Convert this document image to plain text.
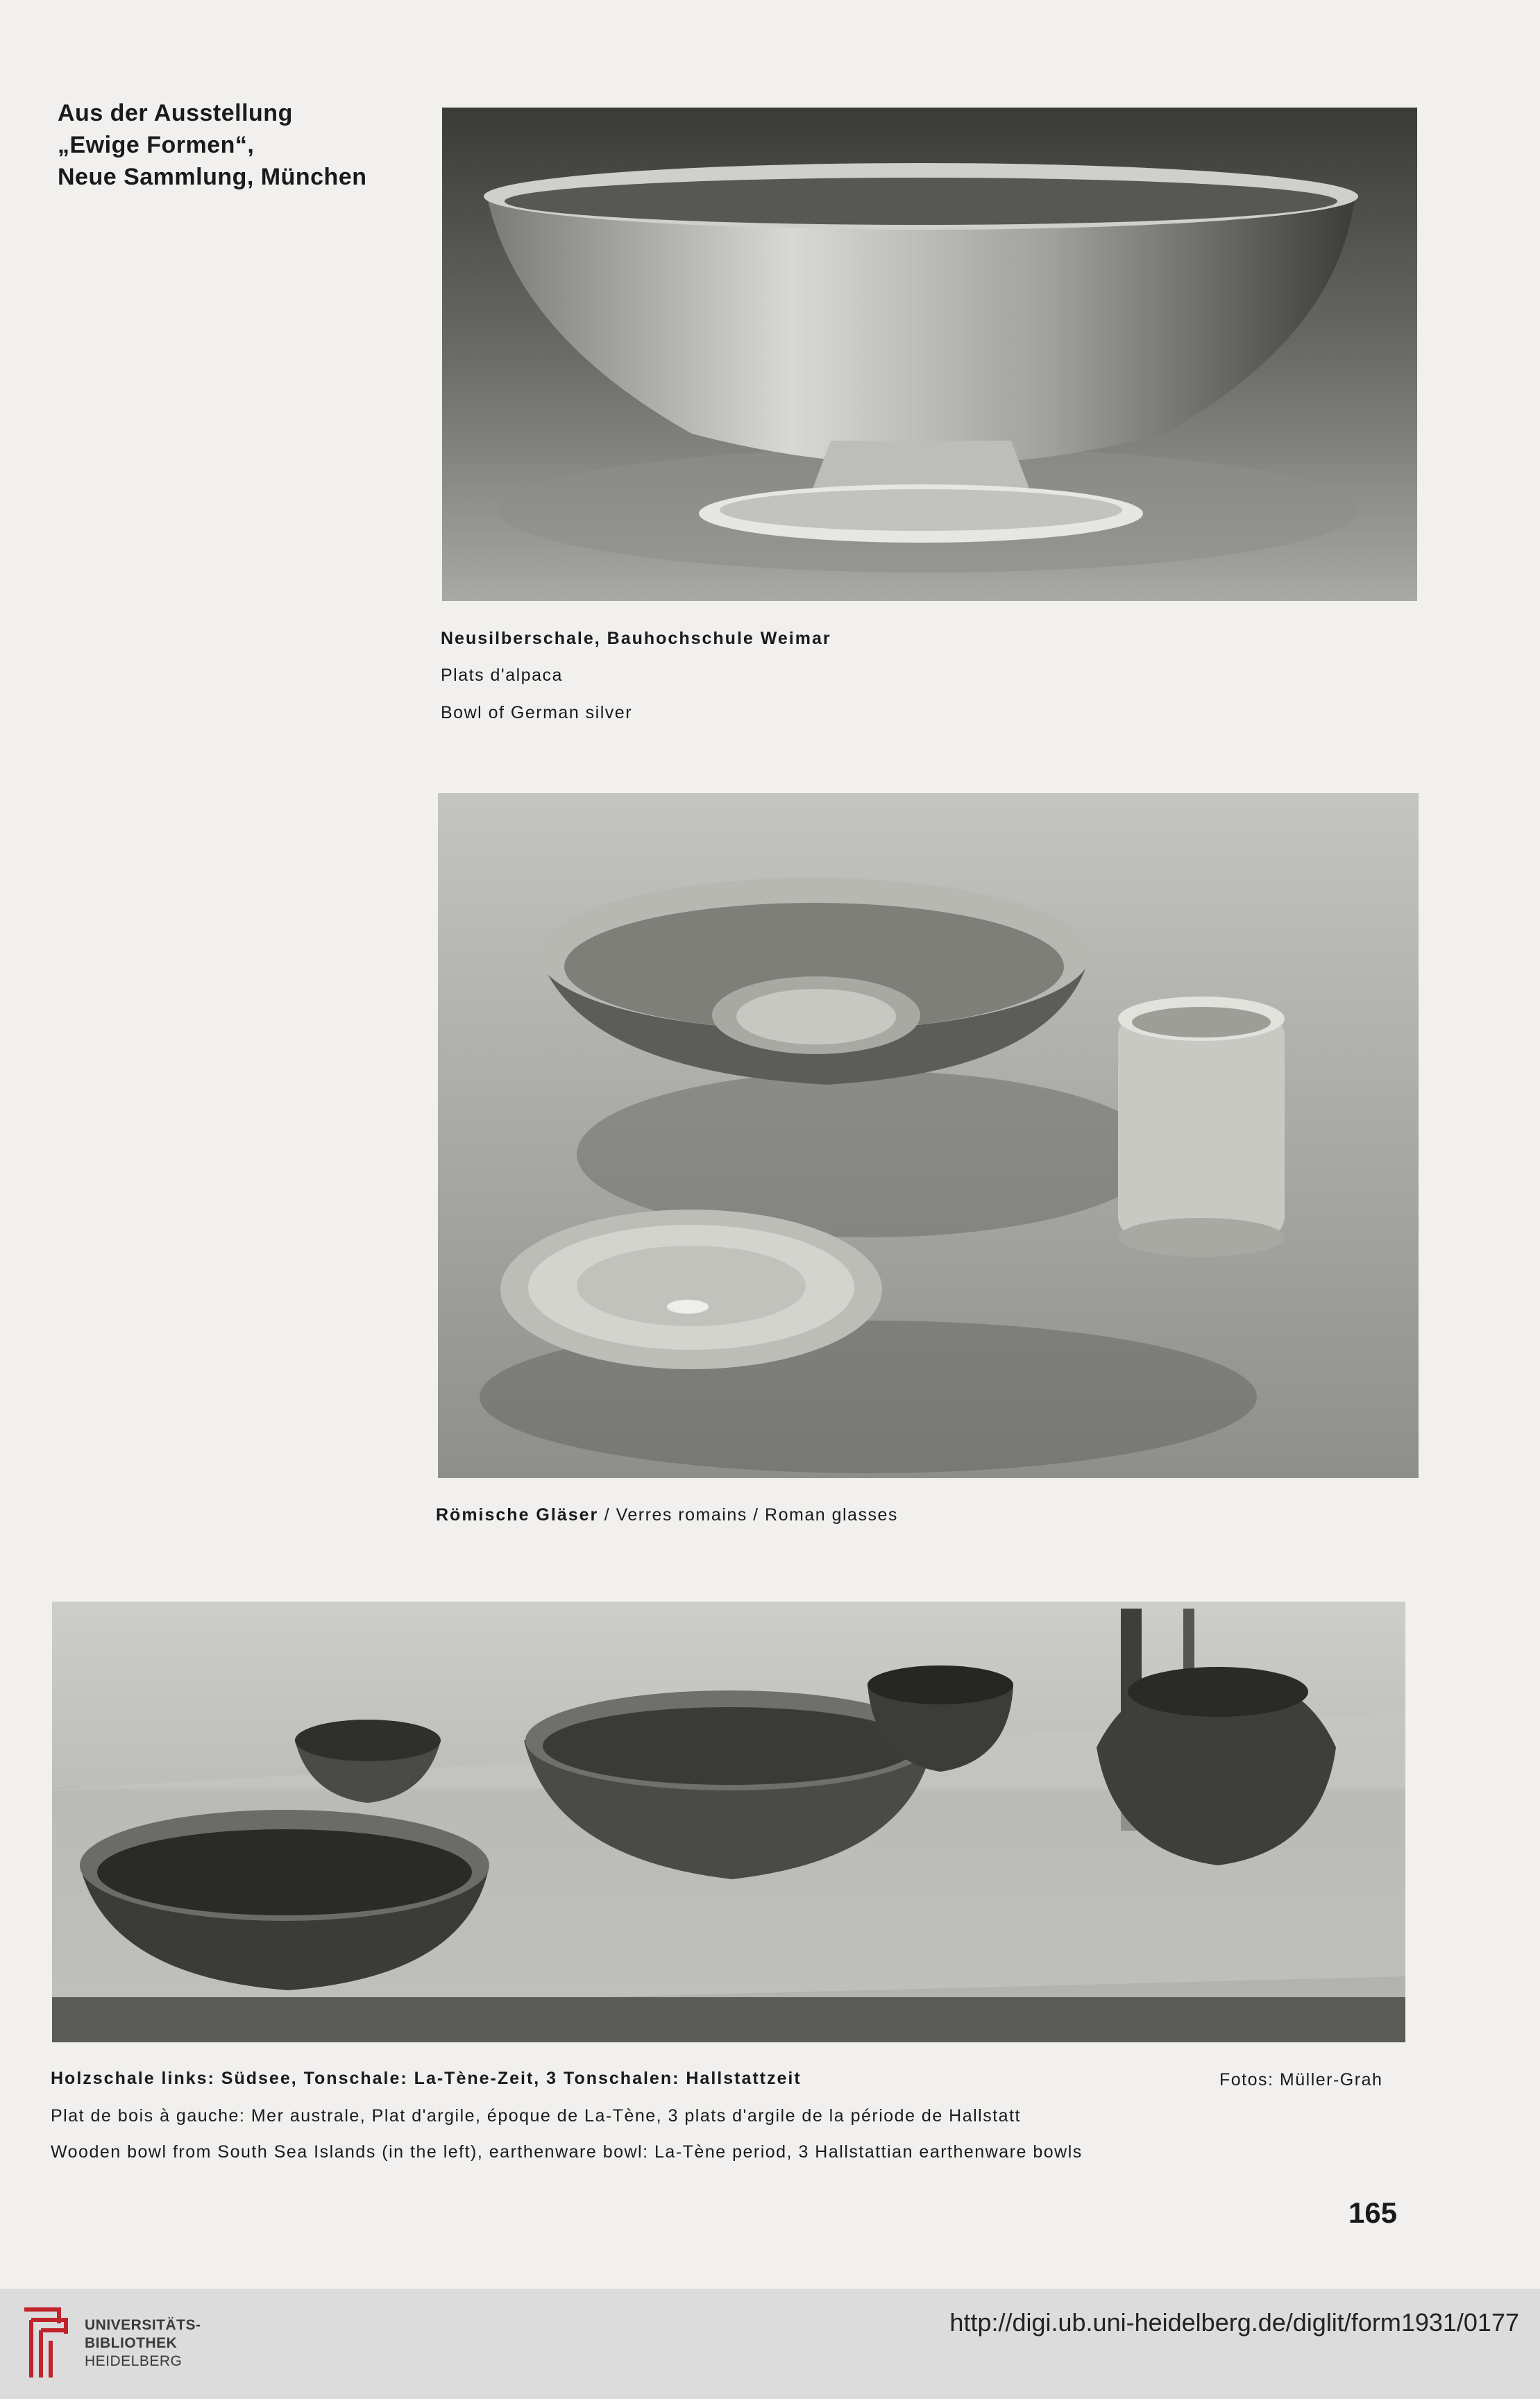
Aus der Ausstellung
„Ewige Formen“,
Neue Sammlung, München
Neusilberschale, Bauhochschule Weimar
Plats d'alpaca
Bowl of German silver
Römische Gläser / Verres romains / Roman glasses
Holzschale links: Südsee, Tonschale: La-Tène-Zeit, 3 Tonschalen: Hallstattzeit	Fotos: Müller-Grah
Plat de bois à gauche: Mer australe, Plat d'argile, époque de La-Tène, 3 plats d'argile de la période de Hallstatt
Wooden bowl from South Sea Islands (in the left), earthenware bowl: La-Tène period, 3 Hallstattian earthenware bowls
165
UNIVERSITÄTS-
BIBLIOTHEK
HEIDELBERG
http://digi.ub.uni-heidelberg.de/diglit/form1931/0177
